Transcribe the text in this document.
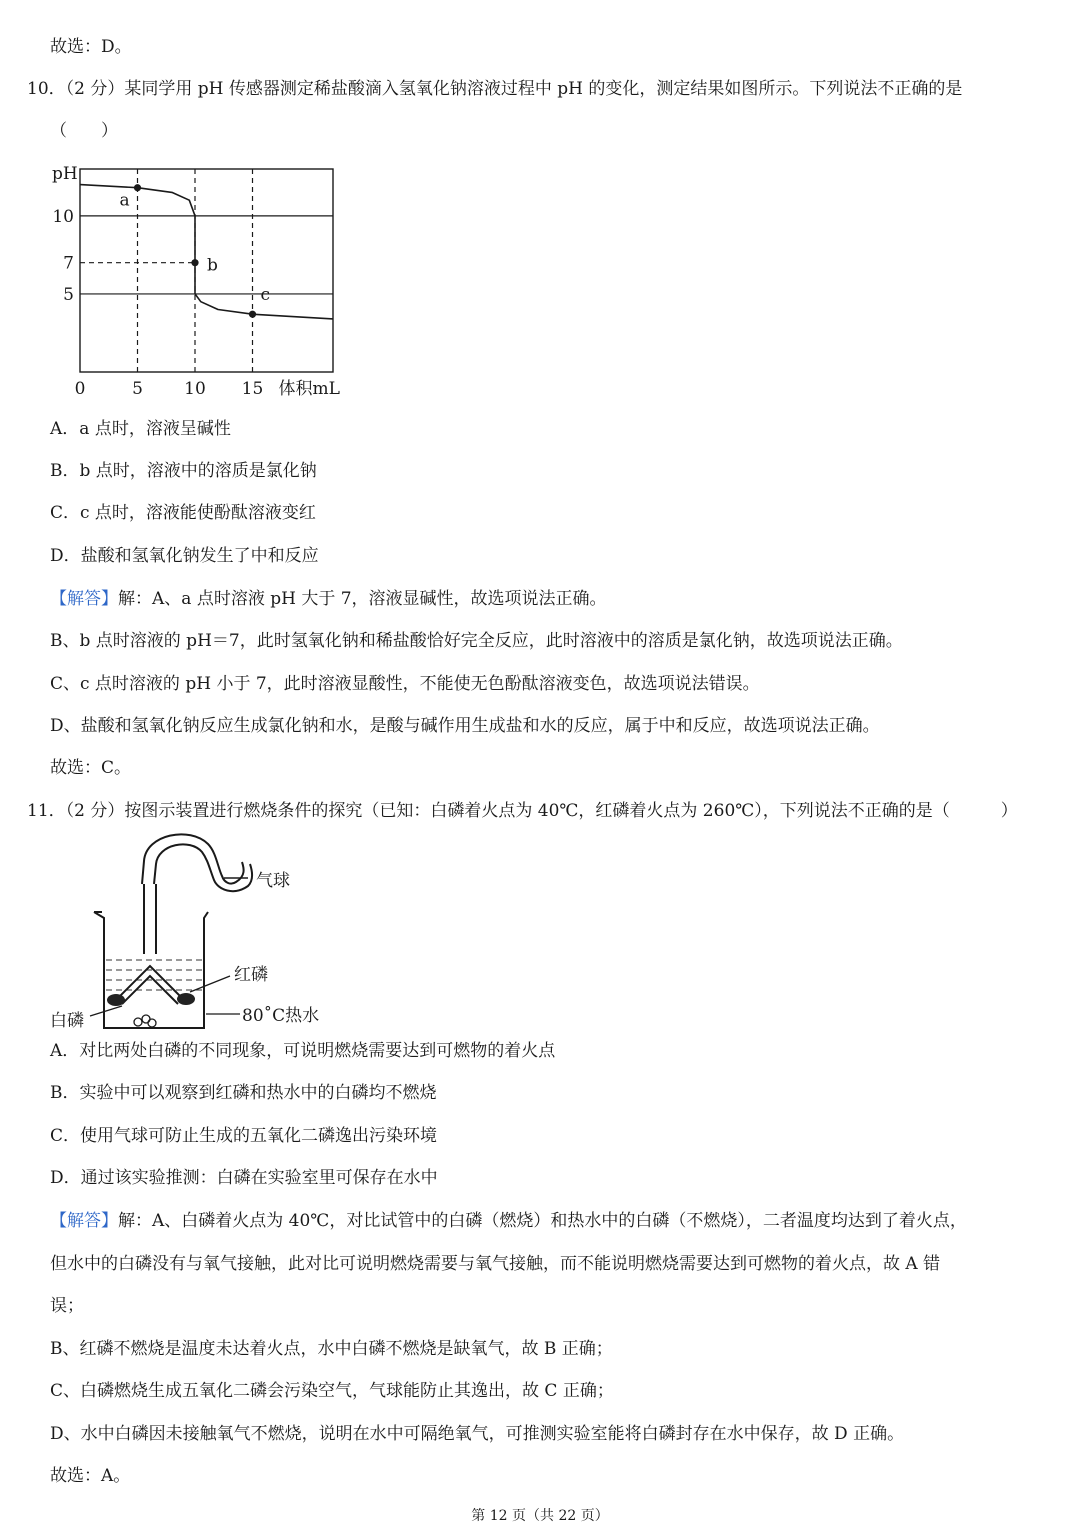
故选：D。
10．（2 分）某同学用 pH 传感器测定稀盐酸滴入氢氧化钠溶液过程中 pH 的变化，测定结果如图所示。下列说法不正确的是
（　　）
10
7
5
0	5 10 15
pH
体积mL
a
b
c
A．a 点时，溶液呈碱性
B．b 点时，溶液中的溶质是氯化钠
C．c 点时，溶液能使酚酞溶液变红
D．盐酸和氢氧化钠发生了中和反应
【解答】解：A、a 点时溶液 pH 大于 7，溶液显碱性，故选项说法正确。
B、b 点时溶液的 pH＝7，此时氢氧化钠和稀盐酸恰好完全反应，此时溶液中的溶质是氯化钠，故选项说法正确。
C、c 点时溶液的 pH 小于 7，此时溶液显酸性，不能使无色酚酞溶液变色，故选项说法错误。
D、盐酸和氢氧化钠反应生成氯化钠和水，是酸与碱作用生成盐和水的反应，属于中和反应，故选项说法正确。
故选：C。
11．（2 分）按图示装置进行燃烧条件的探究（已知：白磷着火点为 40℃，红磷着火点为 260℃），下列说法不正确的是（　　　）
气球
红磷
白磷	80˚C热水
A．对比两处白磷的不同现象，可说明燃烧需要达到可燃物的着火点
B．实验中可以观察到红磷和热水中的白磷均不燃烧
C．使用气球可防止生成的五氧化二磷逸出污染环境
D．通过该实验推测：白磷在实验室里可保存在水中
【解答】解：A、白磷着火点为 40℃，对比试管中的白磷（燃烧）和热水中的白磷（不燃烧），二者温度均达到了着火点，
但水中的白磷没有与氧气接触，此对比可说明燃烧需要与氧气接触，而不能说明燃烧需要达到可燃物的着火点，故 A 错
误；
B、红磷不燃烧是温度未达着火点，水中白磷不燃烧是缺氧气，故 B 正确；
C、白磷燃烧生成五氧化二磷会污染空气，气球能防止其逸出，故 C 正确；
D、水中白磷因未接触氧气不燃烧，说明在水中可隔绝氧气，可推测实验室能将白磷封存在水中保存，故 D 正确。
故选：A。
第 12 页（共 22 页）
